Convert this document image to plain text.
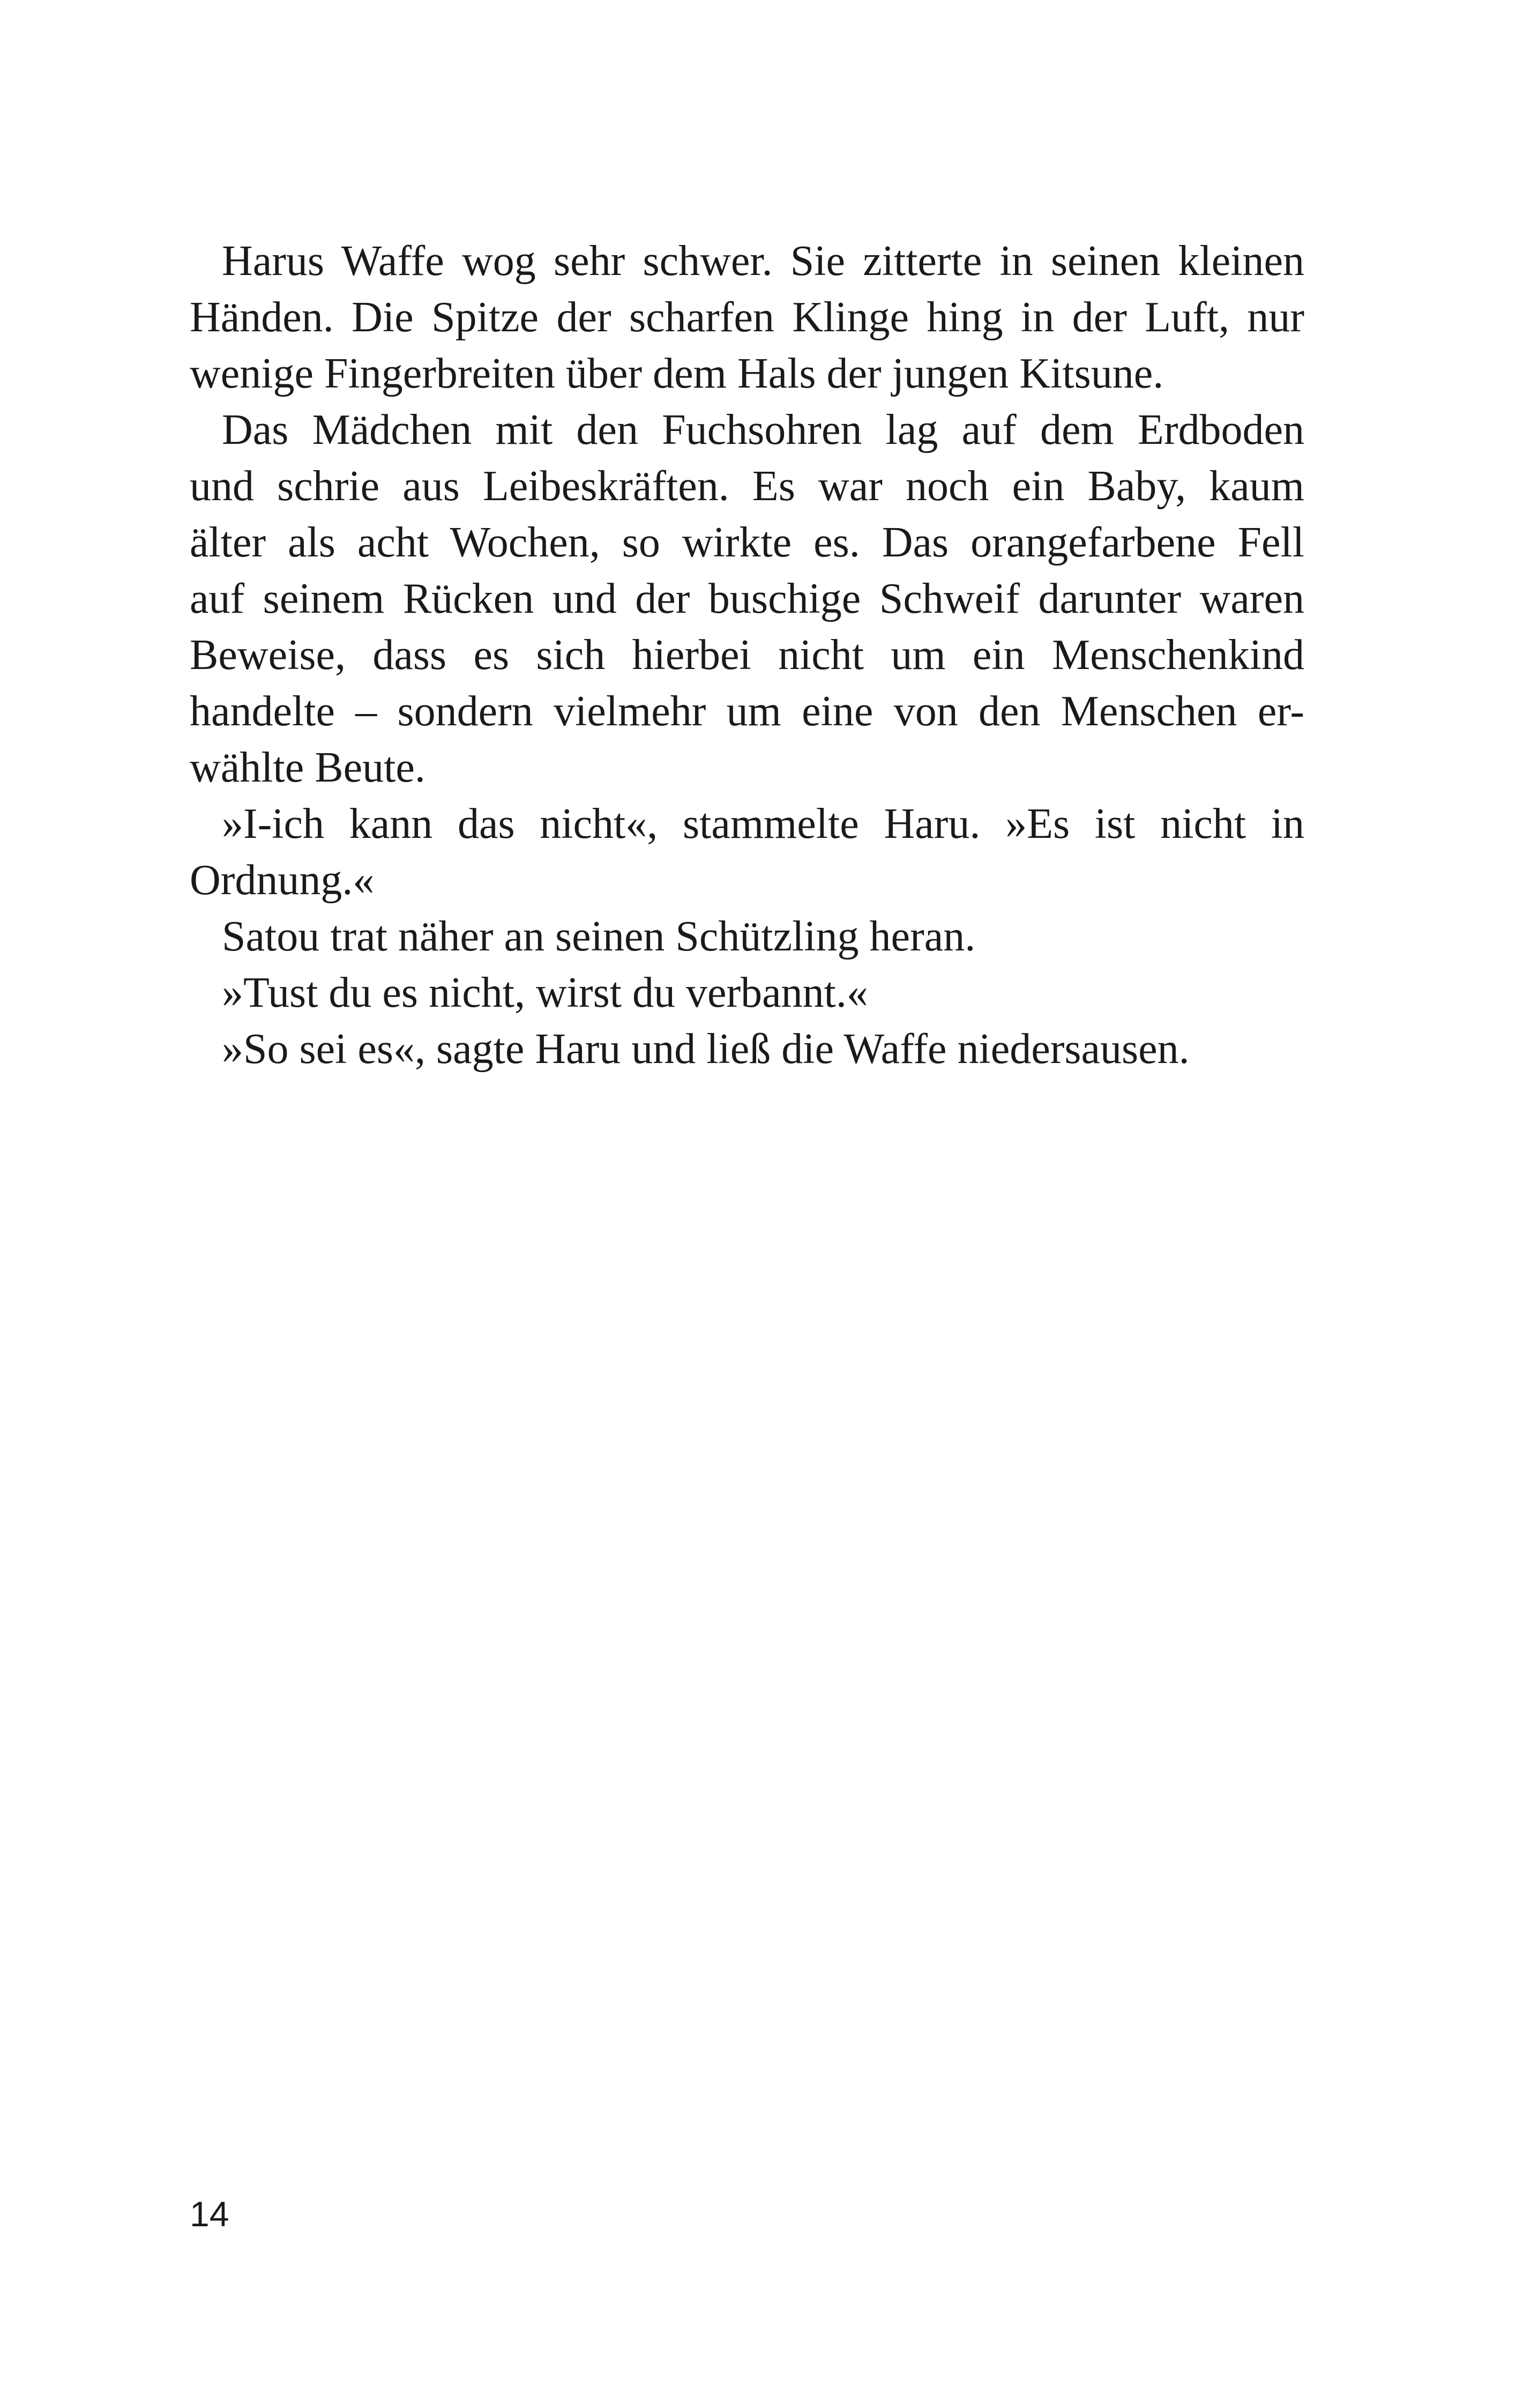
Harus Waffe wog sehr schwer. Sie zitterte in seinen kleinen
Händen. Die Spitze der scharfen Klinge hing in der Luft, nur
wenige Fingerbreiten über dem Hals der jungen Kitsune.
Das Mädchen mit den Fuchsohren lag auf dem Erdboden
und schrie aus Leibeskräften. Es war noch ein Baby, kaum
älter als acht Wochen, so wirkte es. Das orangefarbene Fell
auf seinem Rücken und der buschige Schweif darunter waren
Beweise, dass es sich hierbei nicht um ein Menschenkind
handelte – sondern vielmehr um eine von den Menschen er-
wählte Beute.
»I-ich kann das nicht«, stammelte Haru. »Es ist nicht in
Ordnung.«
Satou trat näher an seinen Schützling heran.
»Tust du es nicht, wirst du verbannt.«
»So sei es«, sagte Haru und ließ die Waffe niedersausen.
14
